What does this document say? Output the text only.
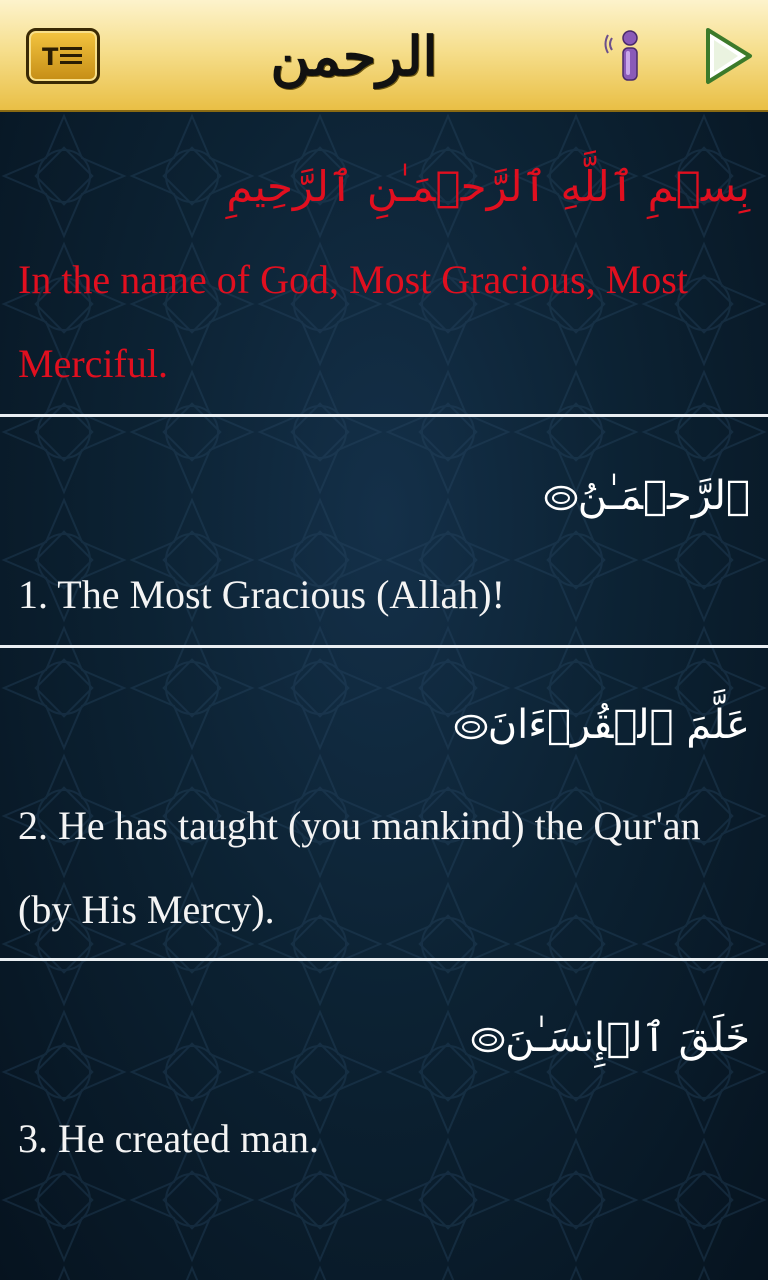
T	الرحمن
بِسۡمِ ٱللَّهِ ٱلرَّحۡمَـٰنِ ٱلرَّحِيمِ
In the name of God, Most Gracious, Most Merciful.
ٱلرَّحۡمَـٰنُ
1. The Most Gracious (Allah)!
عَلَّمَ ٱلۡقُرۡءَانَ
2. He has taught (you mankind) the Qur'an (by His Mercy).
خَلَقَ ٱلۡإِنسَـٰنَ
3. He created man.
